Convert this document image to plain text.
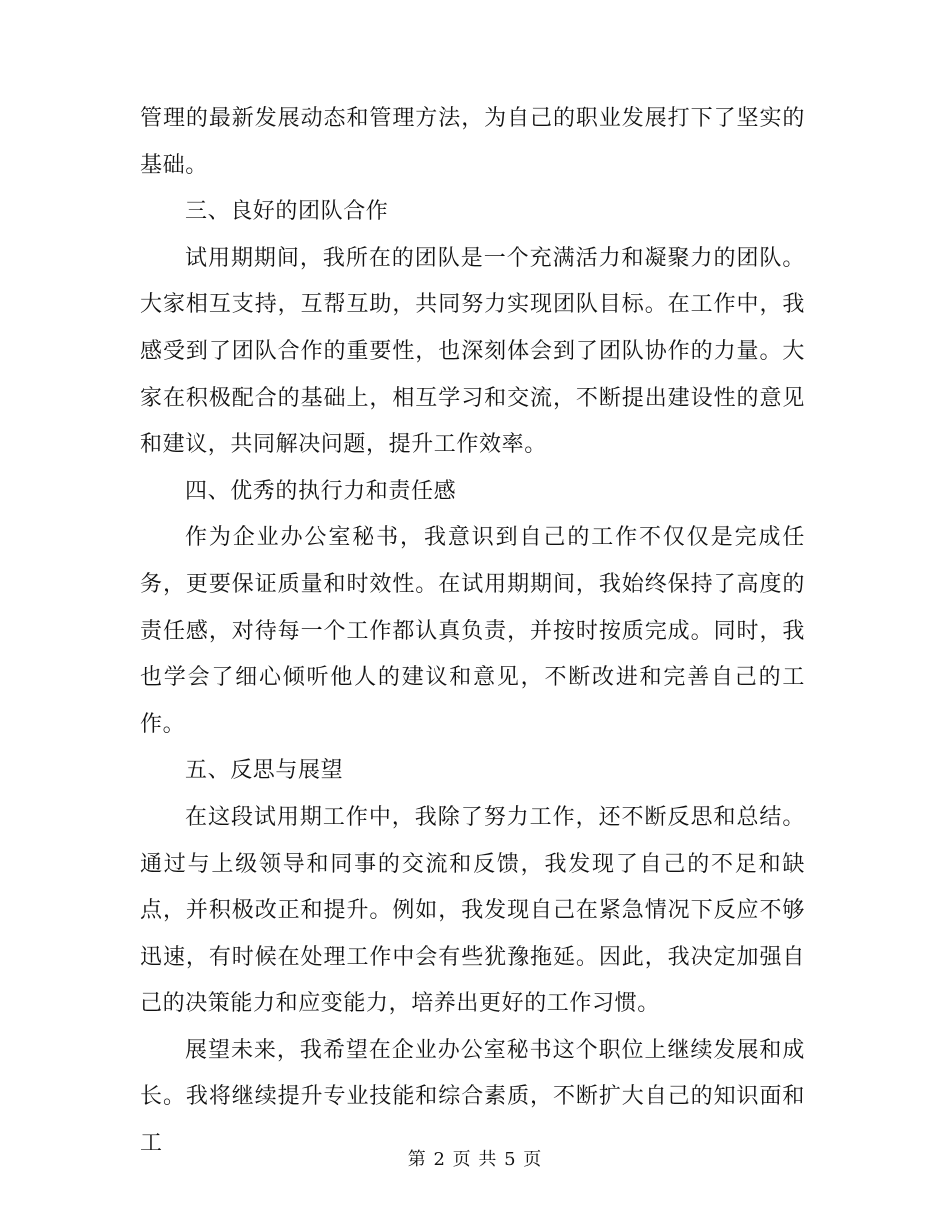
管理的最新发展动态和管理方法，为自己的职业发展打下了坚实的基础。

三、良好的团队合作

试用期期间，我所在的团队是一个充满活力和凝聚力的团队。大家相互支持，互帮互助，共同努力实现团队目标。在工作中，我感受到了团队合作的重要性，也深刻体会到了团队协作的力量。大家在积极配合的基础上，相互学习和交流，不断提出建设性的意见和建议，共同解决问题，提升工作效率。

四、优秀的执行力和责任感

作为企业办公室秘书，我意识到自己的工作不仅仅是完成任务，更要保证质量和时效性。在试用期期间，我始终保持了高度的责任感，对待每一个工作都认真负责，并按时按质完成。同时，我也学会了细心倾听他人的建议和意见，不断改进和完善自己的工作。

五、反思与展望

在这段试用期工作中，我除了努力工作，还不断反思和总结。通过与上级领导和同事的交流和反馈，我发现了自己的不足和缺点，并积极改正和提升。例如，我发现自己在紧急情况下反应不够迅速，有时候在处理工作中会有些犹豫拖延。因此，我决定加强自己的决策能力和应变能力，培养出更好的工作习惯。

展望未来，我希望在企业办公室秘书这个职位上继续发展和成长。我将继续提升专业技能和综合素质，不断扩大自己的知识面和工

第 2 页 共 5 页
